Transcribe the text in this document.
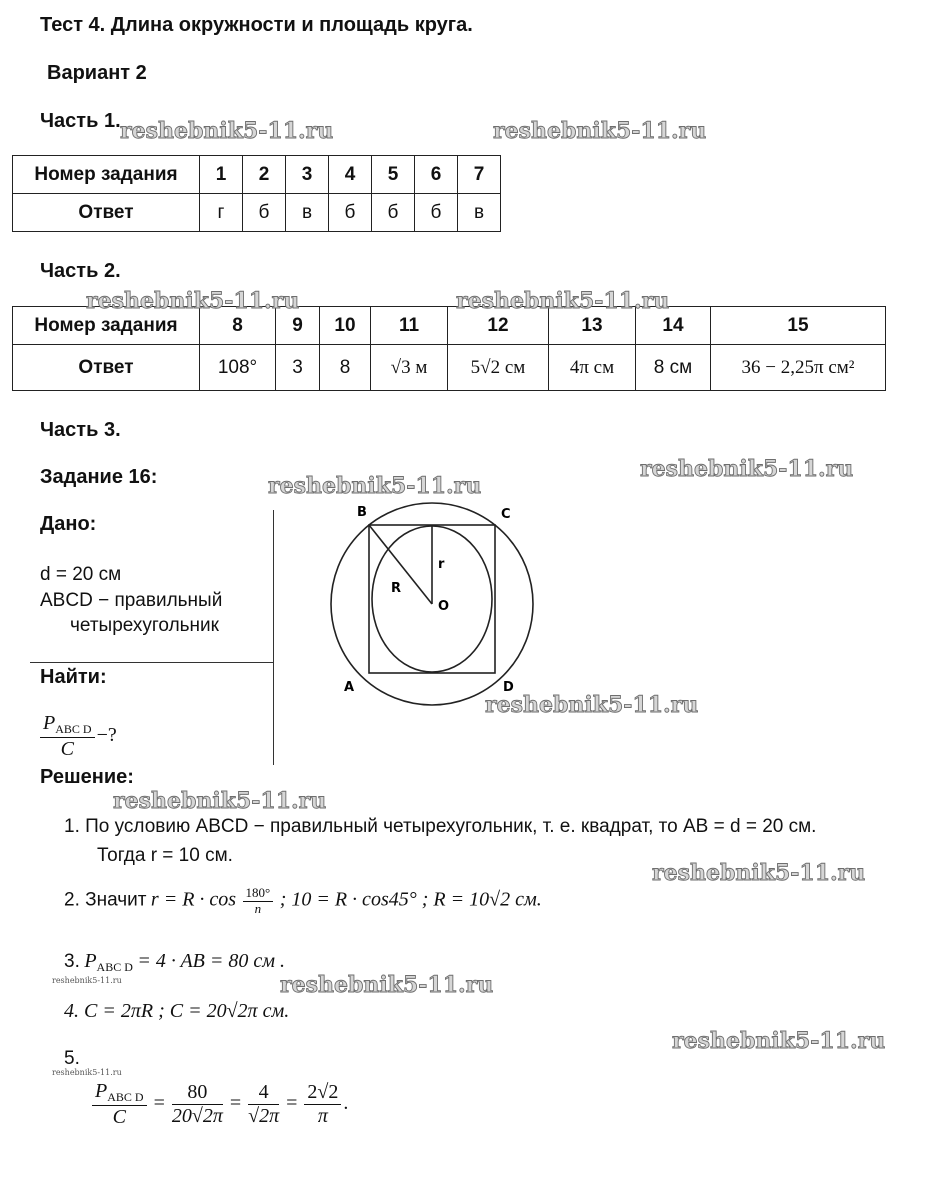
Тест 4. Длина окружности и площадь круга.
Вариант 2
Часть 1.
Номер задания	1	2	3	4	5	6	7
Ответ	г	б	в	б	б	б	в
Часть 2.
Номер задания	8	9	10	11	12	13	14	15
Ответ	108°	3	8	√3 м	5√2 см	4π см	8 см	36 − 2,25π см²
Часть 3.
Задание 16:
Дано:
d = 20 см
ABCD − правильный
четырехугольник
Найти:
$\frac{P_{ABC D}}{C}$ −?
B	C
A	D
R
r
O
Решение:
1. По условию ABCD − правильный четырехугольник, т. е. квадрат, то AB = d = 20 см.
Тогда r = 10 см.
2. Значит $r = R \cdot \cos \frac{180^\circ}{n}$ ; 10 = R · cos45° ; R = 10√2 см.
3. $P_{ABC D} = 4$ · AB = 80 см .
4. C = 2πR ; C = 20√2π см.
5.
$\frac{P_{ABC D}}{C} = \frac{80}{20√2\pi} = \frac{4}{√2\pi} = \frac{2√2}{\pi}$ .
reshebnik5-11.ru	reshebnik5-11.ru
reshebnik5-11.ru	reshebnik5-11.ru
reshebnik5-11.ru
reshebnik5-11.ru
reshebnik5-11.ru
reshebnik5-11.ru
reshebnik5-11.ru
reshebnik5-11.ru
reshebnik5-11.ru
reshebnik5-11.ru
reshebnik5-11.ru
